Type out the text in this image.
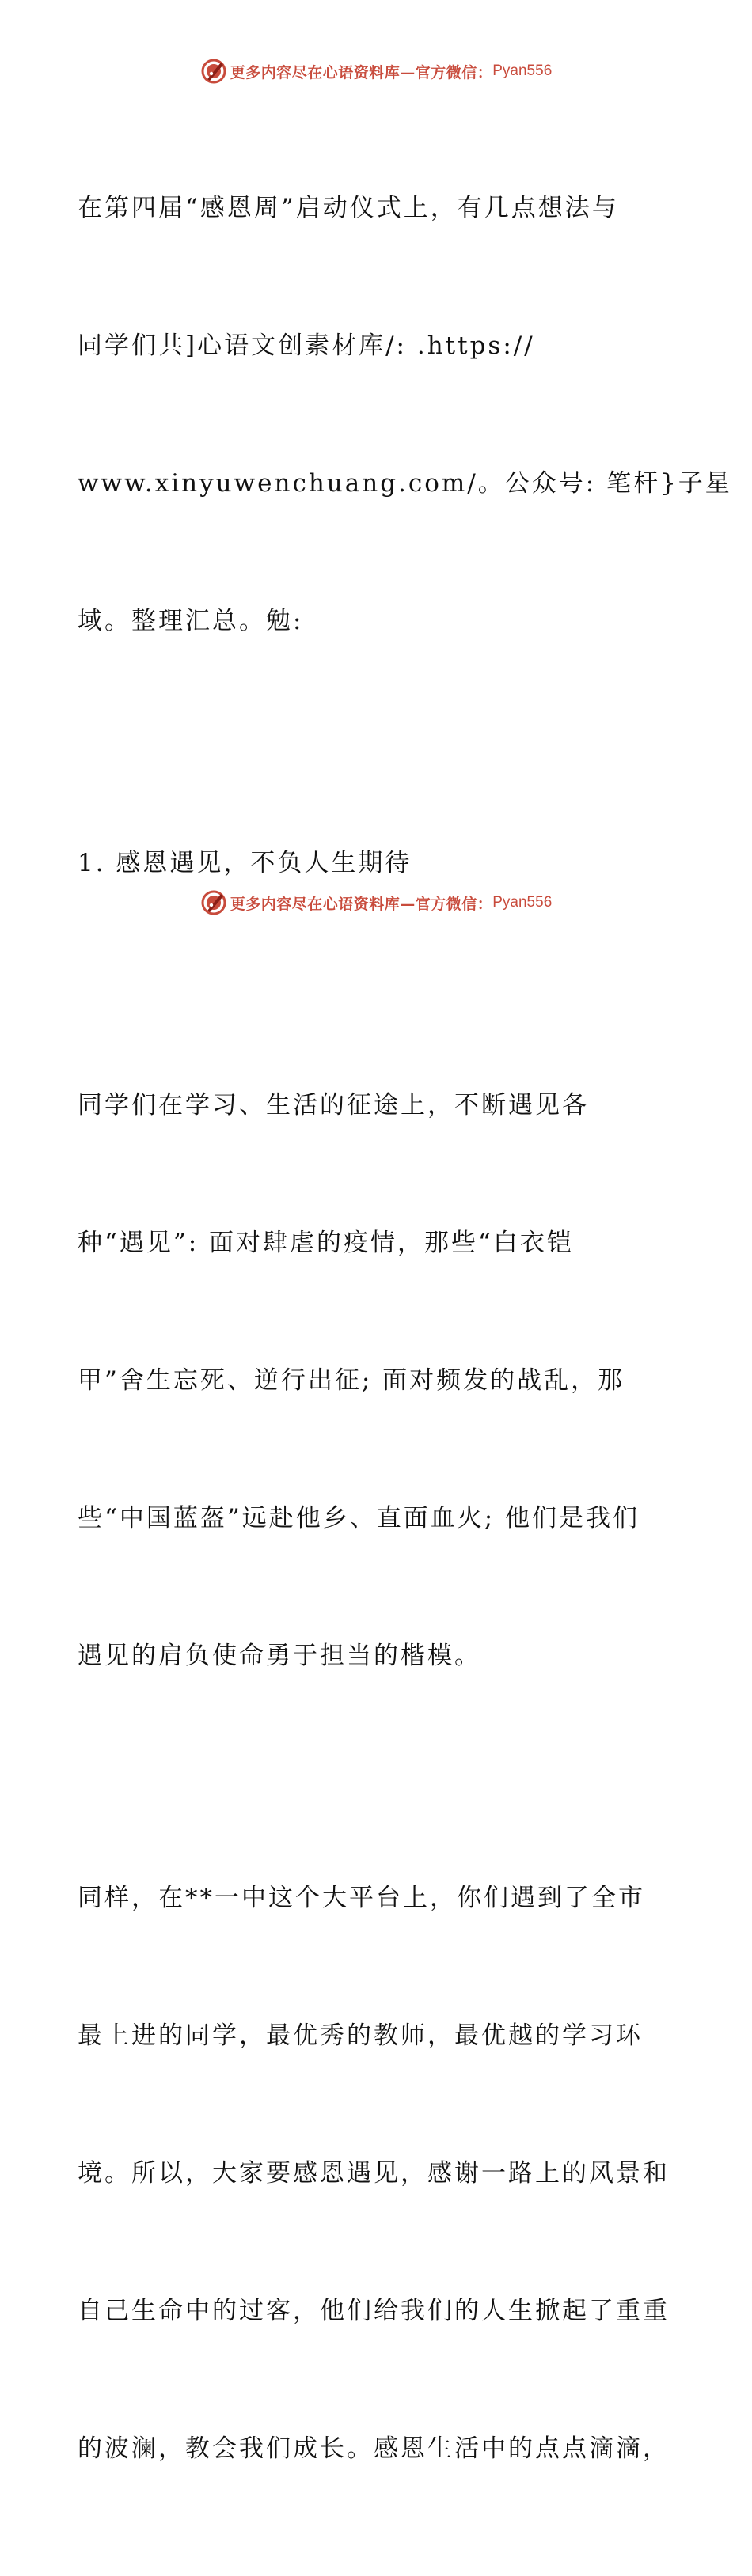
更多内容尽在心语资料库—官方微信： Pyan556

在第四届“感恩周”启动仪式上，有几点想法与

同学们共]心语文创素材库/: .https://

www.xinyuwenchuang.com/。公众号: 笔杆}子星

域。整理汇总。勉:

1. 感恩遇见，不负人生期待

同学们在学习、生活的征途上，不断遇见各

种“遇见”: 面对肆虐的疫情，那些“白衣铠

甲”舍生忘死、逆行出征; 面对频发的战乱，那

些“中国蓝盔”远赴他乡、直面血火; 他们是我们

遇见的肩负使命勇于担当的楷模。

同样，在**一中这个大平台上，你们遇到了全市

最上进的同学，最优秀的教师，最优越的学习环

境。所以，大家要感恩遇见，感谢一路上的风景和

自己生命中的过客，他们给我们的人生掀起了重重

的波澜，教会我们成长。感恩生活中的点点滴滴，

更多内容尽在心语资料库—官方微信： Pyan556
